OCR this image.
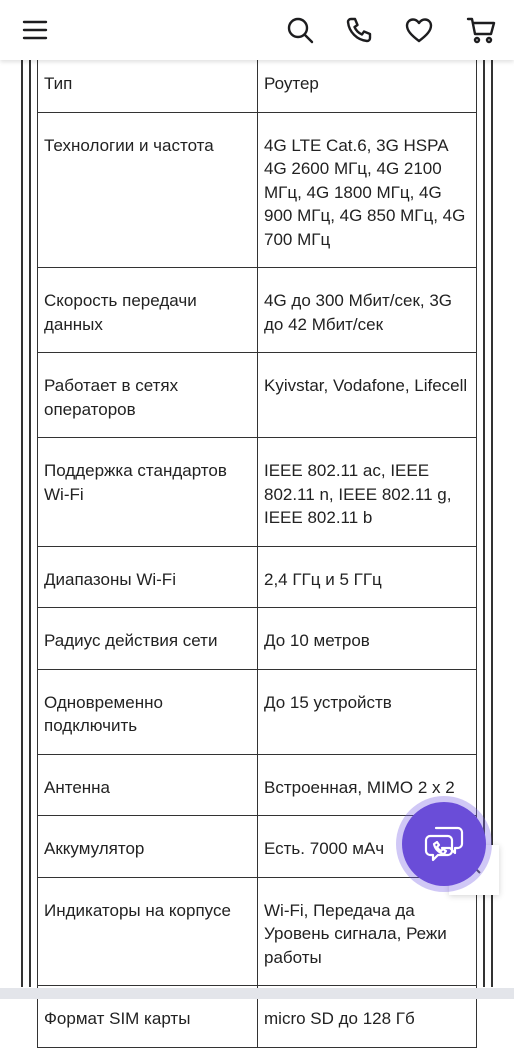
Тип	Роутер
Технологии и частота	4G LTE Cat.6, 3G HSPA 4G 2600 МГц, 4G 2100 МГц, 4G 1800 МГц, 4G 900 МГц, 4G 850 МГц, 4G 700 МГц
Скорость передачи данных	4G до 300 Мбит/сек, 3G до 42 Мбит/сек
Работает в сетях операторов	Kyivstar, Vodafone, Lifecell
Поддержка стандартов Wi-Fi	IEEE 802.11 ac, IEEE 802.11 n, IEEE 802.11 g, IEEE 802.11 b
Диапазоны Wi-Fi	2,4 ГГц и 5 ГГц
Радиус действия сети	До 10 метров
Одновременно подключить	До 15 устройств
Антенна	Встроенная, MIMO 2 х 2
Аккумулятор	Есть. 7000 мАч
Индикаторы на корпусе	Wi-Fi, Передача да Уровень сигнала, Режи работы
Формат SIM карты	micro SD до 128 Гб
